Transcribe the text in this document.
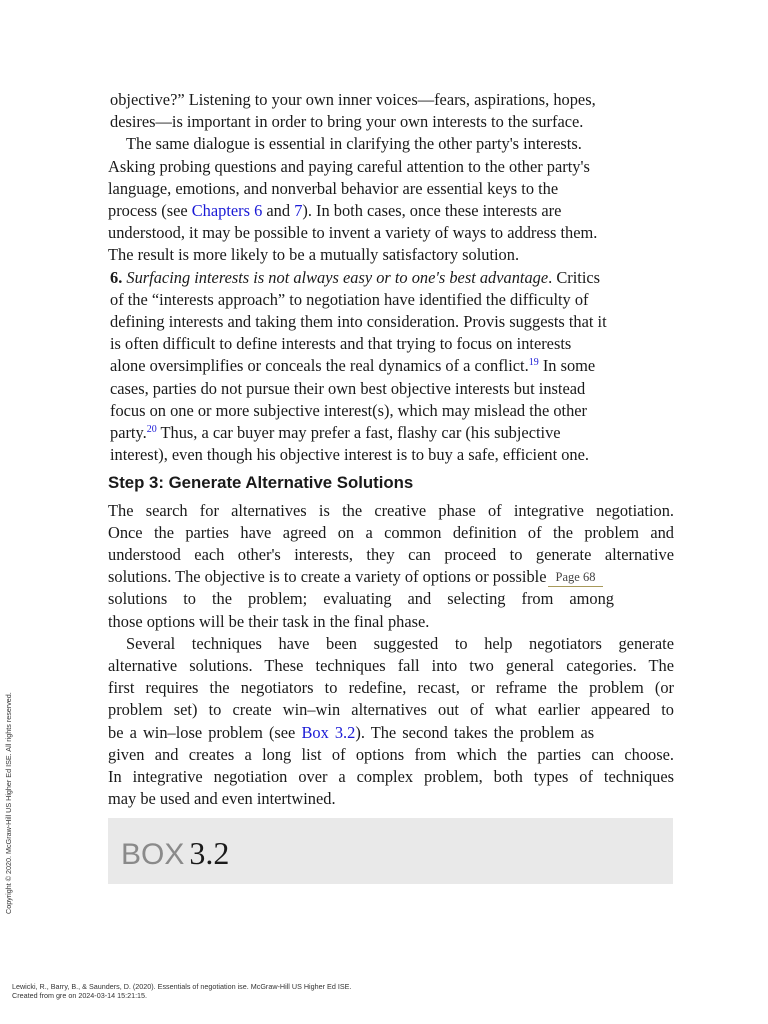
objective?” Listening to your own inner voices—fears, aspirations, hopes,
desires—is important in order to bring your own interests to the surface.
The same dialogue is essential in clarifying the other party's interests.
Asking probing questions and paying careful attention to the other party's
language, emotions, and nonverbal behavior are essential keys to the
process (see Chapters 6 and 7). In both cases, once these interests are
understood, it may be possible to invent a variety of ways to address them.
The result is more likely to be a mutually satisfactory solution.
6. Surfacing interests is not always easy or to one's best advantage. Critics
of the “interests approach” to negotiation have identified the difficulty of
defining interests and taking them into consideration. Provis suggests that it
is often difficult to define interests and that trying to focus on interests
alone oversimplifies or conceals the real dynamics of a conflict.$^{19}$ In some
cases, parties do not pursue their own best objective interests but instead
focus on one or more subjective interest(s), which may mislead the other
party.$^{20}$ Thus, a car buyer may prefer a fast, flashy car (his subjective
interest), even though his objective interest is to buy a safe, efficient one.
Step 3: Generate Alternative Solutions
The search for alternatives is the creative phase of integrative negotiation.
Once the parties have agreed on a common definition of the problem and
understood each other's interests, they can proceed to generate alternative
solutions. The objective is to create a variety of options or possible Page 68
solutions to the problem; evaluating and selecting from among
those options will be their task in the final phase.
Several techniques have been suggested to help negotiators generate
alternative solutions. These techniques fall into two general categories. The
first requires the negotiators to redefine, recast, or reframe the problem (or
problem set) to create win–win alternatives out of what earlier appeared to
be a win–lose problem (see Box 3.2). The second takes the problem as
given and creates a long list of options from which the parties can choose.
In integrative negotiation over a complex problem, both types of techniques
may be used and even intertwined.
BOX 3.2
Copyright © 2020. McGraw-Hill US Higher Ed ISE. All rights reserved.
Lewicki, R., Barry, B., & Saunders, D. (2020). Essentials of negotiation ise. McGraw-Hill US Higher Ed ISE.
Created from gre on 2024-03-14 15:21:15.
